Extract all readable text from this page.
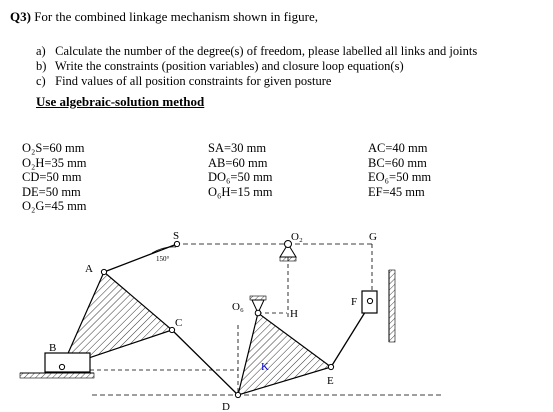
Q3) For the combined linkage mechanism shown in figure,
a) Calculate the number of the degree(s) of freedom, please labelled all links and joints
b) Write the constraints (position variables) and closure loop equation(s)
c) Find values of all position constraints for given posture
Use algebraic-solution method
O₂S=60 mm
O₂H=35 mm
CD=50 mm
DE=50 mm
O₂G=45 mm
SA=30 mm
AB=60 mm
DO₆=50 mm
O₆H=15 mm
AC=40 mm
BC=60 mm
EO₆=50 mm
EF=45 mm
S	O₂	G
A
150°
O₆
H
F
C
B
K
E
D
